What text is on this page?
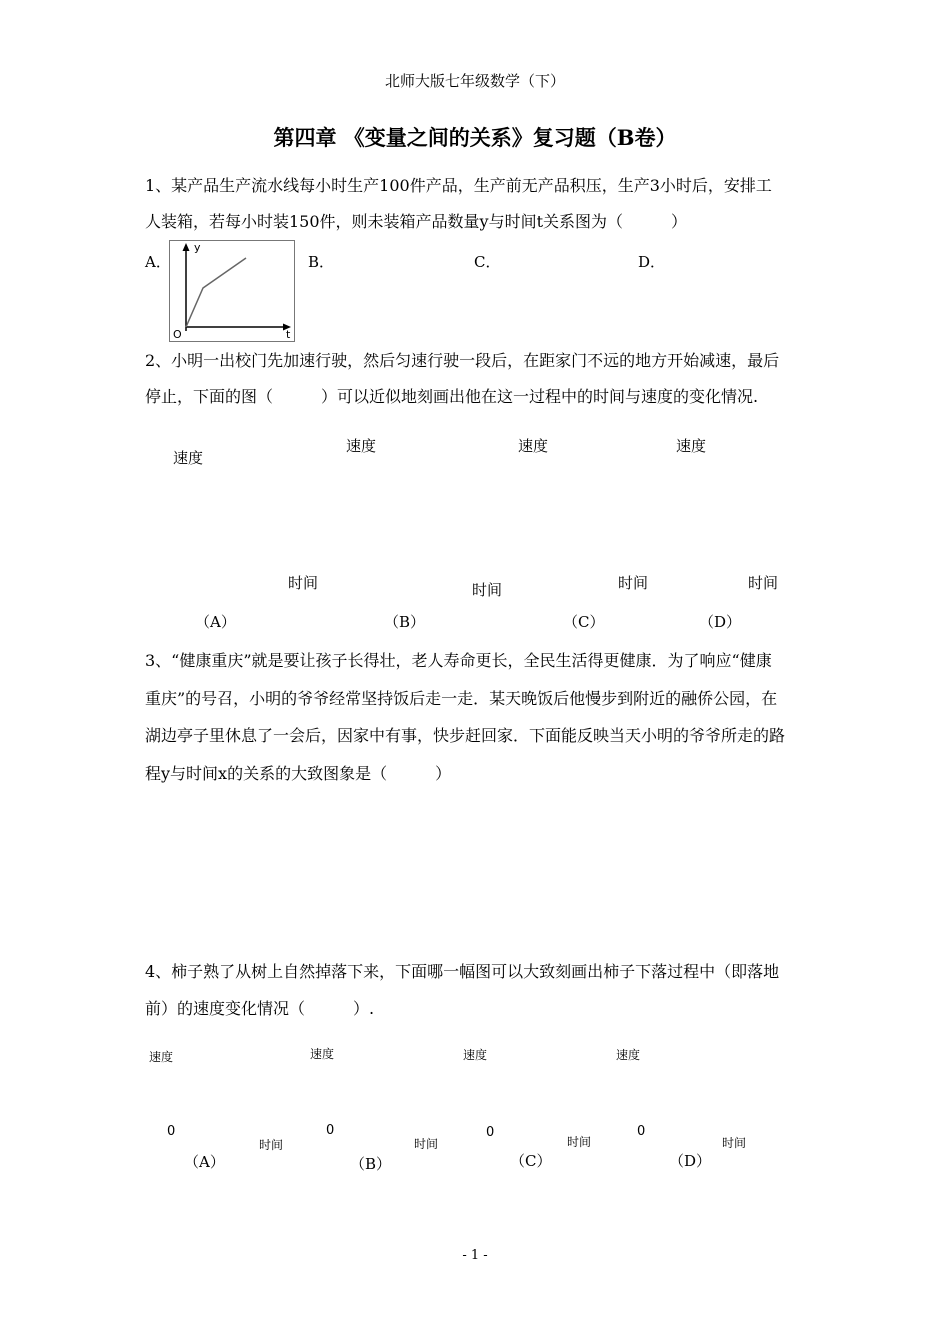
北师大版七年级数学（下）
第四章 《变量之间的关系》复习题（B卷）
1、某产品生产流水线每小时生产100件产品，生产前无产品积压，生产3小时后，安排工
人装箱，若每小时装150件，则未装箱产品数量y与时间t关系图为（　　　）
A．	B．	C．	D．
y
t
O
2、小明一出校门先加速行驶，然后匀速行驶一段后，在距家门不远的地方开始减速，最后
停止，下面的图（　　　）可以近似地刻画出他在这一过程中的时间与速度的变化情况.
速度
速度	速度	速度
时间	时间	时间	时间
（A）	（B）	（C）	（D）
3、“健康重庆”就是要让孩子长得壮，老人寿命更长，全民生活得更健康．为了响应“健康
重庆”的号召，小明的爷爷经常坚持饭后走一走．某天晚饭后他慢步到附近的融侨公园，在
湖边亭子里休息了一会后，因家中有事，快步赶回家．下面能反映当天小明的爷爷所走的路
程y与时间x的关系的大致图象是（　　　）
4、柿子熟了从树上自然掉落下来，下面哪一幅图可以大致刻画出柿子下落过程中（即落地
前）的速度变化情况（　　　）.
速度	速度	速度	速度
0	0	0	0
时间	时间	时间	时间
（A）	（B）	（C）	（D）
- 1 -
